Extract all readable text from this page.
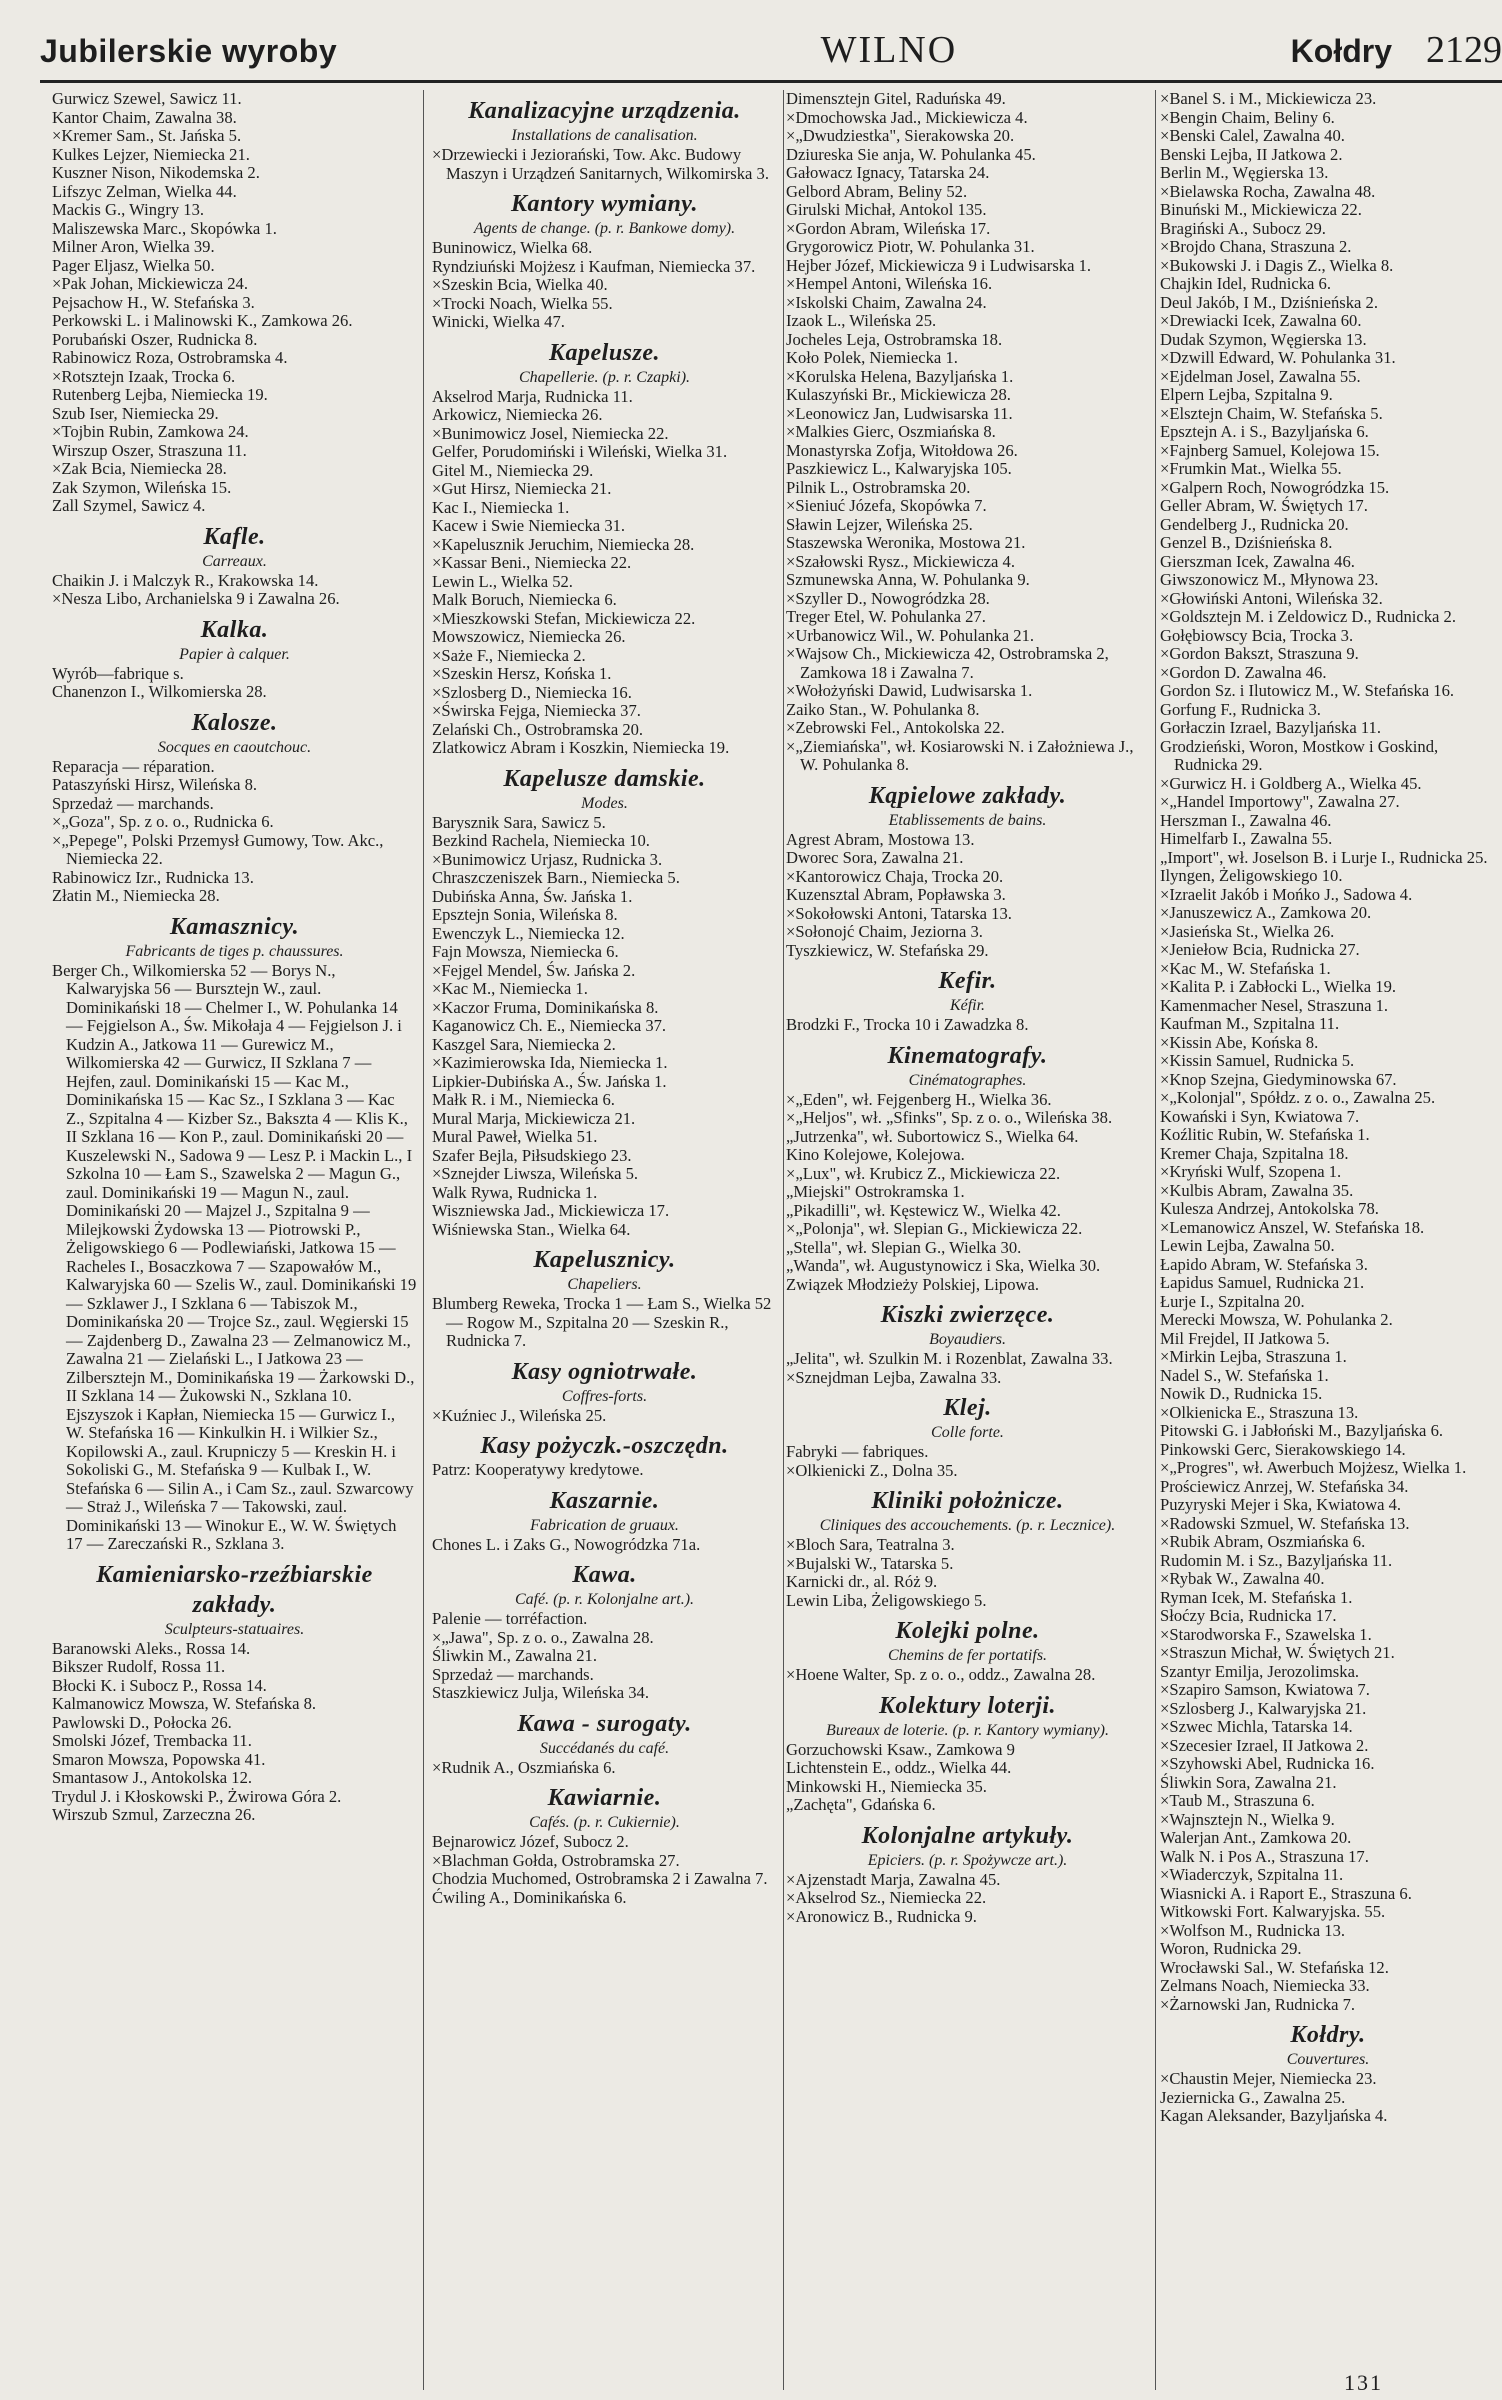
Jubilerskie wyroby	WILNO	Kołdry 2129
Gurwicz Szewel, Sawicz 11.
Kantor Chaim, Zawalna 38.
×Kremer Sam., St. Jańska 5.
Kulkes Lejzer, Niemiecka 21.
Kuszner Nison, Nikodemska 2.
Lifszyc Zelman, Wielka 44.
Mackis G., Wingry 13.
Maliszewska Marc., Skopówka 1.
Milner Aron, Wielka 39.
Pager Eljasz, Wielka 50.
×Pak Johan, Mickiewicza 24.
Pejsachow H., W. Stefańska 3.
Perkowski L. i Malinowski K., Zamkowa 26.
Porubański Oszer, Rudnicka 8.
Rabinowicz Roza, Ostrobramska 4.
×Rotsztejn Izaak, Trocka 6.
Rutenberg Lejba, Niemiecka 19.
Szub Iser, Niemiecka 29.
×Tojbin Rubin, Zamkowa 24.
Wirszup Oszer, Straszuna 11.
×Zak Bcia, Niemiecka 28.
Zak Szymon, Wileńska 15.
Zall Szymel, Sawicz 4.
Kafle.
Carreaux.
Chaikin J. i Malczyk R., Krakowska 14.
×Nesza Libo, Archanielska 9 i Zawalna 26.
Kalka.
Papier à calquer.
Wyrób—fabrique s.
Chanenzon I., Wilkomierska 28.
Kalosze.
Socques en caoutchouc.
Reparacja — réparation.
Pataszyński Hirsz, Wileńska 8.
Sprzedaż — marchands.
×„Goza", Sp. z o. o., Rudnicka 6.
×„Pepege", Polski Przemysł Gumowy, Tow. Akc., Niemiecka 22.
Rabinowicz Izr., Rudnicka 13.
Złatin M., Niemiecka 28.
Kamasznicy.
Fabricants de tiges p. chaussures.
Berger Ch., Wilkomierska 52 — Borys N., Kalwaryjska 56 — Bursztejn W., zaul. Dominikański 18 — Chelmer I., W. Pohulanka 14 — Fejgielson A., Św. Mikołaja 4 — Fejgielson J. i Kudzin A., Jatkowa 11 — Gurewicz M., Wilkomierska 42 — Gurwicz, II Szklana 7 — Hejfen, zaul. Dominikański 15 — Kac M., Dominikańska 15 — Kac Sz., I Szklana 3 — Kac Z., Szpitalna 4 — Kizber Sz., Bakszta 4 — Klis K., II Szklana 16 — Kon P., zaul. Dominikański 20 — Kuszelewski N., Sadowa 9 — Lesz P. i Mackin L., I Szkolna 10 — Łam S., Szawelska 2 — Magun G., zaul. Dominikański 19 — Magun N., zaul. Dominikański 20 — Majzel J., Szpitalna 9 — Milejkowski Żydowska 13 — Piotrowski P., Żeligowskiego 6 — Podlewiański, Jatkowa 15 — Racheles I., Bosaczkowa 7 — Szapowałów M., Kalwaryjska 60 — Szelis W., zaul. Dominikański 19 — Szklawer J., I Szklana 6 — Tabiszok M., Dominikańska 20 — Trojce Sz., zaul. Węgierski 15 — Zajdenberg D., Zawalna 23 — Zelmanowicz M., Zawalna 21 — Zielański L., I Jatkowa 23 — Zilbersztejn M., Dominikańska 19 — Żarkowski D., II Szklana 14 — Żukowski N., Szklana 10. Ejszyszok i Kapłan, Niemiecka 15 — Gurwicz I., W. Stefańska 16 — Kinkulkin H. i Wilkier Sz., Kopilowski A., zaul. Krupniczy 5 — Kreskin H. i Sokoliski G., M. Stefańska 9 — Kulbak I., W. Stefańska 6 — Silin A., i Cam Sz., zaul. Szwarcowy — Straż J., Wileńska 7 — Takowski, zaul. Dominikański 13 — Winokur E., W. W. Świętych 17 — Zareczański R., Szklana 3.
Kamieniarsko-rzeźbiarskie zakłady.
Sculpteurs-statuaires.
Baranowski Aleks., Rossa 14.
Bikszer Rudolf, Rossa 11.
Błocki K. i Subocz P., Rossa 14.
Kalmanowicz Mowsza, W. Stefańska 8.
Pawlowski D., Połocka 26.
Smolski Józef, Trembacka 11.
Smaron Mowsza, Popowska 41.
Smantasow J., Antokolska 12.
Trydul J. i Kłoskowski P., Żwirowa Góra 2.
Wirszub Szmul, Zarzeczna 26.
Kanalizacyjne urządzenia.
Installations de canalisation.
×Drzewiecki i Jeziorański, Tow. Akc. Budowy Maszyn i Urządzeń Sanitarnych, Wilkomirska 3.
Kantory wymiany.
Agents de change. (p. r. Bankowe domy).
Buninowicz, Wielka 68.
Ryndziuński Mojżesz i Kaufman, Niemiecka 37.
×Szeskin Bcia, Wielka 40.
×Trocki Noach, Wielka 55.
Winicki, Wielka 47.
Kapelusze.
Chapellerie. (p. r. Czapki).
Akselrod Marja, Rudnicka 11.
Arkowicz, Niemiecka 26.
×Bunimowicz Josel, Niemiecka 22.
Gelfer, Porudomiński i Wileński, Wielka 31.
Gitel M., Niemiecka 29.
×Gut Hirsz, Niemiecka 21.
Kac I., Niemiecka 1.
Kacew i Swie Niemiecka 31.
×Kapelusznik Jeruchim, Niemiecka 28.
×Kassar Beni., Niemiecka 22.
Lewin L., Wielka 52.
Malk Boruch, Niemiecka 6.
×Mieszkowski Stefan, Mickiewicza 22.
Mowszowicz, Niemiecka 26.
×Saże F., Niemiecka 2.
×Szeskin Hersz, Końska 1.
×Szlosberg D., Niemiecka 16.
×Świrska Fejga, Niemiecka 37.
Zelański Ch., Ostrobramska 20.
Zlatkowicz Abram i Koszkin, Niemiecka 19.
Kapelusze damskie.
Modes.
Barysznik Sara, Sawicz 5.
Bezkind Rachela, Niemiecka 10.
×Bunimowicz Urjasz, Rudnicka 3.
Chraszczeniszek Barn., Niemiecka 5.
Dubińska Anna, Św. Jańska 1.
Epsztejn Sonia, Wileńska 8.
Ewenczyk L., Niemiecka 12.
Fajn Mowsza, Niemiecka 6.
×Fejgel Mendel, Św. Jańska 2.
×Kac M., Niemiecka 1.
×Kaczor Fruma, Dominikańska 8.
Kaganowicz Ch. E., Niemiecka 37.
Kaszgel Sara, Niemiecka 2.
×Kazimierowska Ida, Niemiecka 1.
Lipkier-Dubińska A., Św. Jańska 1.
Małk R. i M., Niemiecka 6.
Mural Marja, Mickiewicza 21.
Mural Paweł, Wielka 51.
Szafer Bejla, Piłsudskiego 23.
×Sznejder Liwsza, Wileńska 5.
Walk Rywa, Rudnicka 1.
Wiszniewska Jad., Mickiewicza 17.
Wiśniewska Stan., Wielka 64.
Kapelusznicy.
Chapeliers.
Blumberg Reweka, Trocka 1 — Łam S., Wielka 52 — Rogow M., Szpitalna 20 — Szeskin R., Rudnicka 7.
Kasy ogniotrwałe.
Coffres-forts.
×Kuźniec J., Wileńska 25.
Kasy pożyczk.-oszczędn.
Patrz: Kooperatywy kredytowe.
Kaszarnie.
Fabrication de gruaux.
Chones L. i Zaks G., Nowogródzka 71a.
Kawa.
Café. (p. r. Kolonjalne art.).
Palenie — torréfaction.
×„Jawa", Sp. z o. o., Zawalna 28.
Śliwkin M., Zawalna 21.
Sprzedaż — marchands.
Staszkiewicz Julja, Wileńska 34.
Kawa - surogaty.
Succédanés du café.
×Rudnik A., Oszmiańska 6.
Kawiarnie.
Cafés. (p. r. Cukiernie).
Bejnarowicz Józef, Subocz 2.
×Blachman Gołda, Ostrobramska 27.
Chodzia Muchomed, Ostrobramska 2 i Zawalna 7.
Ćwiling A., Dominikańska 6.
Dimensztejn Gitel, Raduńska 49.
×Dmochowska Jad., Mickiewicza 4.
×„Dwudziestka", Sierakowska 20.
Dziureska Sie anja, W. Pohulanka 45.
Gałowacz Ignacy, Tatarska 24.
Gelbord Abram, Beliny 52.
Girulski Michał, Antokol 135.
×Gordon Abram, Wileńska 17.
Grygorowicz Piotr, W. Pohulanka 31.
Hejber Józef, Mickiewicza 9 i Ludwisarska 1.
×Hempel Antoni, Wileńska 16.
×Iskolski Chaim, Zawalna 24.
Izaok L., Wileńska 25.
Jocheles Leja, Ostrobramska 18.
Koło Polek, Niemiecka 1.
×Korulska Helena, Bazyljańska 1.
Kulaszyński Br., Mickiewicza 28.
×Leonowicz Jan, Ludwisarska 11.
×Malkies Gierc, Oszmiańska 8.
Monastyrska Zofja, Witołdowa 26.
Paszkiewicz L., Kalwaryjska 105.
Pilnik L., Ostrobramska 20.
×Sieniuć Józefa, Skopówka 7.
Sławin Lejzer, Wileńska 25.
Staszewska Weronika, Mostowa 21.
×Szałowski Rysz., Mickiewicza 4.
Szmunewska Anna, W. Pohulanka 9.
×Szyller D., Nowogródzka 28.
Treger Etel, W. Pohulanka 27.
×Urbanowicz Wil., W. Pohulanka 21.
×Wajsow Ch., Mickiewicza 42, Ostrobramska 2, Zamkowa 18 i Zawalna 7.
×Wołożyński Dawid, Ludwisarska 1.
Zaiko Stan., W. Pohulanka 8.
×Zebrowski Fel., Antokolska 22.
×„Ziemiańska", wł. Kosiarowski N. i Założniewa J., W. Pohulanka 8.
Kąpielowe zakłady.
Etablissements de bains.
Agrest Abram, Mostowa 13.
Dworec Sora, Zawalna 21.
×Kantorowicz Chaja, Trocka 20.
Kuzensztal Abram, Popławska 3.
×Sokołowski Antoni, Tatarska 13.
×Sołonojć Chaim, Jeziorna 3.
Tyszkiewicz, W. Stefańska 29.
Kefir.
Kéfir.
Brodzki F., Trocka 10 i Zawadzka 8.
Kinematografy.
Cinématographes.
×„Eden", wł. Fejgenberg H., Wielka 36.
×„Heljos", wł. „Sfinks", Sp. z o. o., Wileńska 38.
„Jutrzenka", wł. Subortowicz S., Wielka 64.
Kino Kolejowe, Kolejowa.
×„Lux", wł. Krubicz Z., Mickiewicza 22.
„Miejski" Ostrokramska 1.
„Pikadilli", wł. Kęstewicz W., Wielka 42.
×„Polonja", wł. Slepian G., Mickiewicza 22.
„Stella", wł. Slepian G., Wielka 30.
„Wanda", wł. Augustynowicz i Ska, Wielka 30.
Związek Młodzieży Polskiej, Lipowa.
Kiszki zwierzęce.
Boyaudiers.
„Jelita", wł. Szulkin M. i Rozenblat, Zawalna 33.
×Sznejdman Lejba, Zawalna 33.
Klej.
Colle forte.
Fabryki — fabriques.
×Olkienicki Z., Dolna 35.
Kliniki położnicze.
Cliniques des accouchements. (p. r. Lecznice).
×Bloch Sara, Teatralna 3.
×Bujalski W., Tatarska 5.
Karnicki dr., al. Róż 9.
Lewin Liba, Żeligowskiego 5.
Kolejki polne.
Chemins de fer portatifs.
×Hoene Walter, Sp. z o. o., oddz., Zawalna 28.
Kolektury loterji.
Bureaux de loterie. (p. r. Kantory wymiany).
Gorzuchowski Ksaw., Zamkowa 9
Lichtenstein E., oddz., Wielka 44.
Minkowski H., Niemiecka 35.
„Zachęta", Gdańska 6.
Kolonjalne artykuły.
Epiciers. (p. r. Spożywcze art.).
×Ajzenstadt Marja, Zawalna 45.
×Akselrod Sz., Niemiecka 22.
×Aronowicz B., Rudnicka 9.
×Banel S. i M., Mickiewicza 23.
×Bengin Chaim, Beliny 6.
×Benski Calel, Zawalna 40.
Benski Lejba, II Jatkowa 2.
Berlin M., Węgierska 13.
×Bielawska Rocha, Zawalna 48.
Binuński M., Mickiewicza 22.
Bragiński A., Subocz 29.
×Brojdo Chana, Straszuna 2.
×Bukowski J. i Dagis Z., Wielka 8.
Chajkin Idel, Rudnicka 6.
Deul Jakób, I M., Dziśnieńska 2.
×Drewiacki Icek, Zawalna 60.
Dudak Szymon, Węgierska 13.
×Dzwill Edward, W. Pohulanka 31.
×Ejdelman Josel, Zawalna 55.
Elpern Lejba, Szpitalna 9.
×Elsztejn Chaim, W. Stefańska 5.
Epsztejn A. i S., Bazyljańska 6.
×Fajnberg Samuel, Kolejowa 15.
×Frumkin Mat., Wielka 55.
×Galpern Roch, Nowogródzka 15.
Geller Abram, W. Świętych 17.
Gendelberg J., Rudnicka 20.
Genzel B., Dziśnieńska 8.
Gierszman Icek, Zawalna 46.
Giwszonowicz M., Młynowa 23.
×Głowiński Antoni, Wileńska 32.
×Goldsztejn M. i Zeldowicz D., Rudnicka 2.
Gołębiowscy Bcia, Trocka 3.
×Gordon Bakszt, Straszuna 9.
×Gordon D. Zawalna 46.
Gordon Sz. i Ilutowicz M., W. Stefańska 16.
Gorfung F., Rudnicka 3.
Gorłaczin Izrael, Bazyljańska 11.
Grodzieński, Woron, Mostkow i Goskind, Rudnicka 29.
×Gurwicz H. i Goldberg A., Wielka 45.
×„Handel Importowy", Zawalna 27.
Herszman I., Zawalna 46.
Himelfarb I., Zawalna 55.
„Import", wł. Joselson B. i Lurje I., Rudnicka 25.
Ilyngen, Żeligowskiego 10.
×Izraelit Jakób i Mońko J., Sadowa 4.
×Januszewicz A., Zamkowa 20.
×Jasieńska St., Wielka 26.
×Jeniełow Bcia, Rudnicka 27.
×Kac M., W. Stefańska 1.
×Kalita P. i Zabłocki L., Wielka 19.
Kamenmacher Nesel, Straszuna 1.
Kaufman M., Szpitalna 11.
×Kissin Abe, Końska 8.
×Kissin Samuel, Rudnicka 5.
×Knop Szejna, Giedyminowska 67.
×„Kolonjal", Spółdz. z o. o., Zawalna 25.
Kowański i Syn, Kwiatowa 7.
Koźlitic Rubin, W. Stefańska 1.
Kremer Chaja, Szpitalna 18.
×Kryński Wulf, Szopena 1.
×Kulbis Abram, Zawalna 35.
Kulesza Andrzej, Antokolska 78.
×Lemanowicz Anszel, W. Stefańska 18.
Lewin Lejba, Zawalna 50.
Łapido Abram, W. Stefańska 3.
Łapidus Samuel, Rudnicka 21.
Łurje I., Szpitalna 20.
Merecki Mowsza, W. Pohulanka 2.
Mil Frejdel, II Jatkowa 5.
×Mirkin Lejba, Straszuna 1.
Nadel S., W. Stefańska 1.
Nowik D., Rudnicka 15.
×Olkienicka E., Straszuna 13.
Pitowski G. i Jabłoński M., Bazyljańska 6.
Pinkowski Gerc, Sierakowskiego 14.
×„Progres", wł. Awerbuch Mojżesz, Wielka 1.
Prościewicz Anrzej, W. Stefańska 34.
Puzyryski Mejer i Ska, Kwiatowa 4.
×Radowski Szmuel, W. Stefańska 13.
×Rubik Abram, Oszmiańska 6.
Rudomin M. i Sz., Bazyljańska 11.
×Rybak W., Zawalna 40.
Ryman Icek, M. Stefańska 1.
Słoćzy Bcia, Rudnicka 17.
×Starodworska F., Szawelska 1.
×Straszun Michał, W. Świętych 21.
Szantyr Emilja, Jerozolimska.
×Szapiro Samson, Kwiatowa 7.
×Szlosberg J., Kalwaryjska 21.
×Szwec Michla, Tatarska 14.
×Szecesier Izrael, II Jatkowa 2.
×Szyhowski Abel, Rudnicka 16.
Śliwkin Sora, Zawalna 21.
×Taub M., Straszuna 6.
×Wajnsztejn N., Wielka 9.
Walerjan Ant., Zamkowa 20.
Walk N. i Pos A., Straszuna 17.
×Wiaderczyk, Szpitalna 11.
Wiasnicki A. i Raport E., Straszuna 6.
Witkowski Fort. Kalwaryjska. 55.
×Wolfson M., Rudnicka 13.
Woron, Rudnicka 29.
Wrocławski Sal., W. Stefańska 12.
Zelmans Noach, Niemiecka 33.
×Żarnowski Jan, Rudnicka 7.
Kołdry.
Couvertures.
×Chaustin Mejer, Niemiecka 23.
Jeziernicka G., Zawalna 25.
Kagan Aleksander, Bazyljańska 4.
131
